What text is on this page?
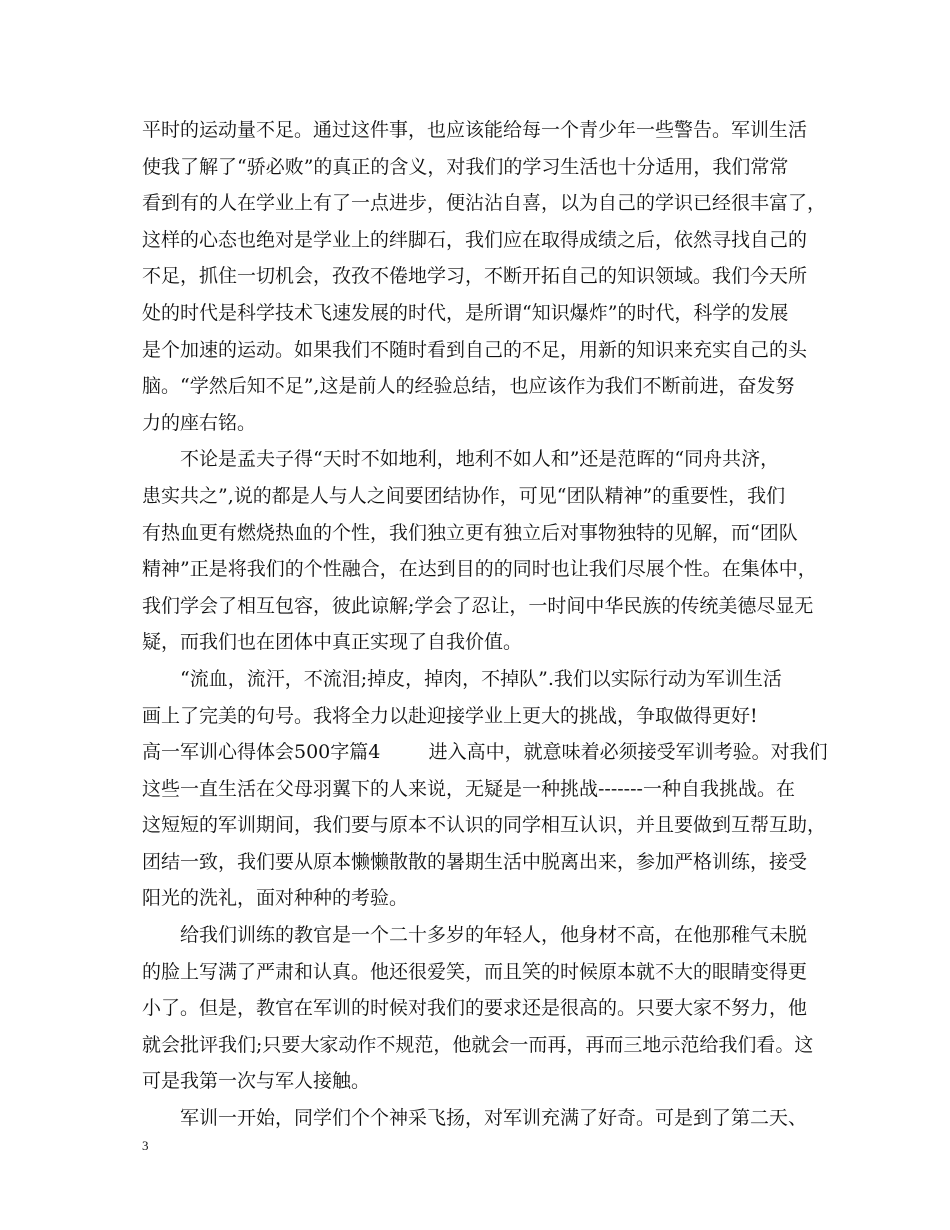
平时的运动量不足。通过这件事，也应该能给每一个青少年一些警告。军训生活
使我了解了“骄必败”的真正的含义，对我们的学习生活也十分适用，我们常常
看到有的人在学业上有了一点进步，便沾沾自喜，以为自己的学识已经很丰富了，
这样的心态也绝对是学业上的绊脚石，我们应在取得成绩之后，依然寻找自己的
不足，抓住一切机会，孜孜不倦地学习，不断开拓自己的知识领域。我们今天所
处的时代是科学技术飞速发展的时代，是所谓“知识爆炸”的时代，科学的发展
是个加速的运动。如果我们不随时看到自己的不足，用新的知识来充实自己的头
脑。“学然后知不足”,这是前人的经验总结，也应该作为我们不断前进，奋发努
力的座右铭。
不论是孟夫子得“天时不如地利，地利不如人和”还是范晖的“同舟共济，
患实共之”,说的都是人与人之间要团结协作，可见“团队精神”的重要性，我们
有热血更有燃烧热血的个性，我们独立更有独立后对事物独特的见解，而“团队
精神”正是将我们的个性融合，在达到目的的同时也让我们尽展个性。在集体中，
我们学会了相互包容，彼此谅解;学会了忍让，一时间中华民族的传统美德尽显无
疑，而我们也在团体中真正实现了自我价值。
“流血，流汗，不流泪;掉皮，掉肉，不掉队”.我们以实际行动为军训生活
画上了完美的句号。我将全力以赴迎接学业上更大的挑战，争取做得更好!
高一军训心得体会500字篇4        进入高中，就意味着必须接受军训考验。对我们
这些一直生活在父母羽翼下的人来说，无疑是一种挑战-------一种自我挑战。在
这短短的军训期间，我们要与原本不认识的同学相互认识，并且要做到互帮互助，
团结一致，我们要从原本懒懒散散的暑期生活中脱离出来，参加严格训练，接受
阳光的洗礼，面对种种的考验。
给我们训练的教官是一个二十多岁的年轻人，他身材不高，在他那稚气未脱
的脸上写满了严肃和认真。他还很爱笑，而且笑的时候原本就不大的眼睛变得更
小了。但是，教官在军训的时候对我们的要求还是很高的。只要大家不努力，他
就会批评我们;只要大家动作不规范，他就会一而再，再而三地示范给我们看。这
可是我第一次与军人接触。
军训一开始，同学们个个神采飞扬，对军训充满了好奇。可是到了第二天、
3
